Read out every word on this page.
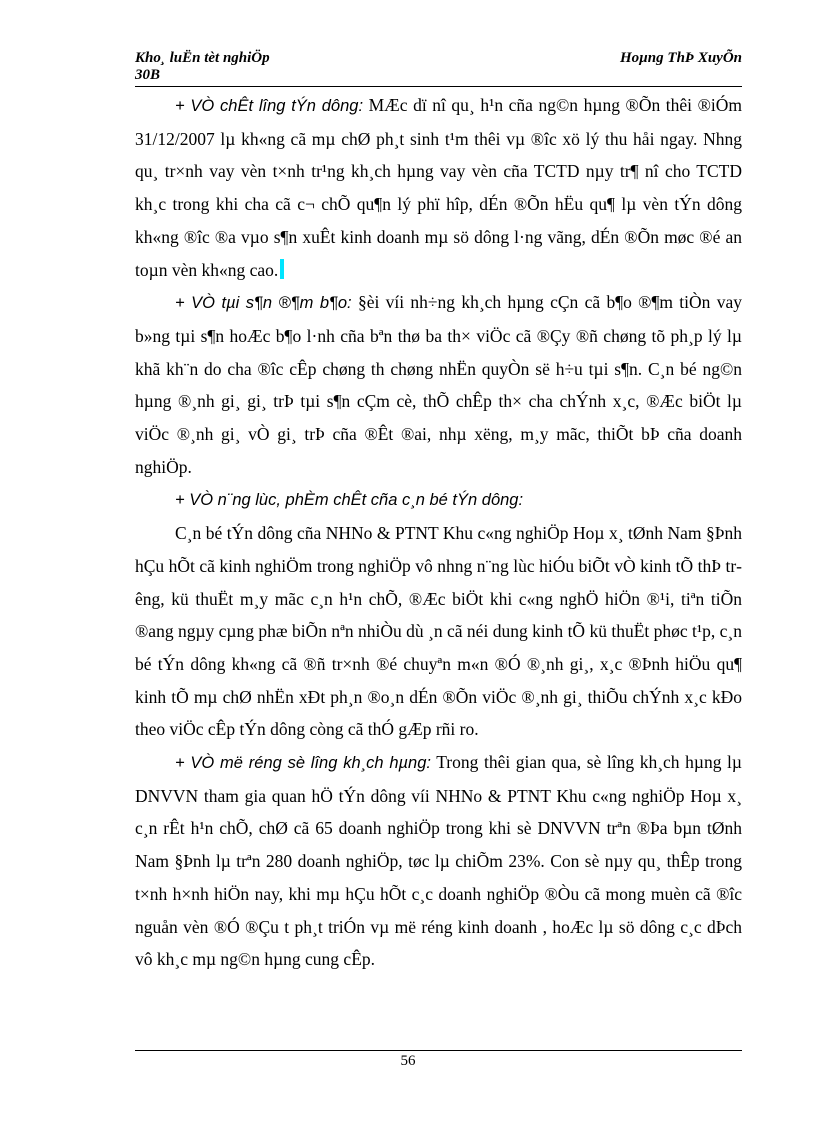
Kho¸ luËn tèt nghiÖp
30B
Hoµng ThÞ XuyÕn

+ VÒ chÊt lîng tÝn dông: MÆc dï nî qu¸ h¹n cña ng©n hµng ®Õn thêi ®iÓm 31/12/2007 lµ kh«ng cã mµ chØ ph¸t sinh t¹m thêi vµ ®îc xö lý thu håi ngay. Nhng qu¸ tr×nh vay vèn t×nh tr¹ng kh¸ch hµng vay vèn cña TCTD nµy tr¶ nî cho TCTD kh¸c trong khi cha cã c¬ chÕ qu¶n lý phï hîp, dÉn ®Õn hËu qu¶ lµ vèn tÝn dông kh«ng ®îc ®a vµo s¶n xuÊt kinh doanh mµ sö dông l·ng vãng, dÉn ®Õn møc ®é an toµn vèn kh«ng cao.

+ VÒ tµi s¶n ®¶m b¶o: §èi víi nh÷ng kh¸ch hµng cÇn cã b¶o ®¶m tiÒn vay b»ng tµi s¶n hoÆc b¶o l·nh cña bªn thø ba th× viÖc cã ®Çy ®ñ chøng tõ ph¸p lý lµ khã kh¨n do cha ®îc cÊp chøng th chøng nhËn quyÒn së h÷u tµi s¶n. C¸n bé ng©n hµng ®¸nh gi¸ gi¸ trÞ tµi s¶n cÇm cè, thÕ chÊp th× cha chÝnh x¸c, ®Æc biÖt lµ viÖc ®¸nh gi¸ vÒ gi¸ trÞ cña ®Êt ®ai, nhµ xëng, m¸y mãc, thiÕt bÞ cña doanh nghiÖp.

+ VÒ n¨ng lùc, phÈm chÊt cña c¸n bé tÝn dông:

C¸n bé tÝn dông cña NHNo & PTNT Khu c«ng nghiÖp Hoµ x¸ tØnh Nam §Þnh hÇu hÕt cã kinh nghiÖm trong nghiÖp vô nhng n¨ng lùc hiÓu biÕt vÒ kinh tÕ thÞ trêng, kü thuËt m¸y mãc c¸n h¹n chÕ, ®Æc biÖt khi c«ng nghÖ hiÖn ®¹i, tiªn tiÕn ®ang ngµy cµng phæ biÕn nªn nhiÒu dù ¸n cã néi dung kinh tÕ kü thuËt phøc t¹p, c¸n bé tÝn dông kh«ng cã ®ñ tr×nh ®é chuyªn m«n ®Ó ®¸nh gi¸, x¸c ®Þnh hiÖu qu¶ kinh tÕ mµ chØ nhËn xÐt ph¸n ®o¸n dÉn ®Õn viÖc ®¸nh gi¸ thiÕu chÝnh x¸c kÐo theo viÖc cÊp tÝn dông còng cã thÓ gÆp rñi ro.

+ VÒ më réng sè lîng kh¸ch hµng: Trong thêi gian qua, sè lîng kh¸ch hµng lµ DNVVN tham gia quan hÖ tÝn dông víi NHNo & PTNT Khu c«ng nghiÖp Hoµ x¸ c¸n rÊt h¹n chÕ, chØ cã 65 doanh nghiÖp trong khi sè DNVVN trªn ®Þa bµn tØnh Nam §Þnh lµ trªn 280 doanh nghiÖp, tøc lµ chiÕm 23%. Con sè nµy qu¸ thÊp trong t×nh h×nh hiÖn nay, khi mµ hÇu hÕt c¸c doanh nghiÖp ®Òu cã mong muèn cã ®îc nguån vèn ®Ó ®Çu t ph¸t triÓn vµ më réng kinh doanh , hoÆc lµ sö dông c¸c dÞch vô kh¸c mµ ng©n hµng cung cÊp.

56
